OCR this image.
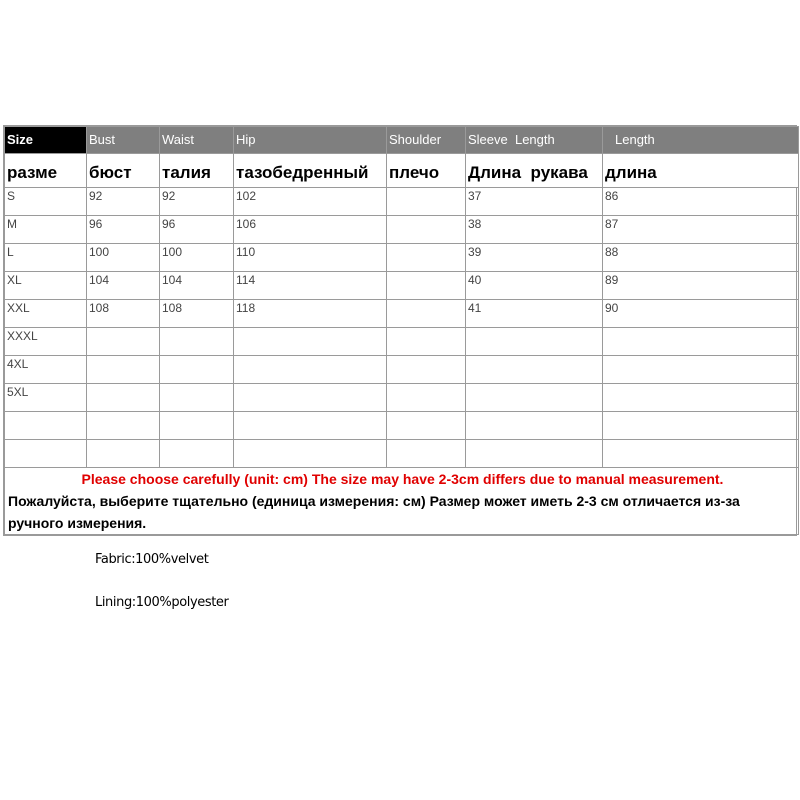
Size	Bust	Waist	Hip	Shoulder	Sleeve  Length	Length
разме	бюст	талия	тазобедренный	плечо	Длина  рукава	длина
S	92	92	102		37	86
M	96	96	106		38	87
L	100	100	110		39	88
XL	104	104	114		40	89
XXL	108	108	118		41	90
XXXL						
4XL						
5XL						

Please choose carefully (unit: cm) The size may have 2-3cm differs due to manual measurement.
Пожалуйста, выберите тщательно (единица измерения: см) Размер может иметь 2-3 см отличается из-за ручного измерения.						
Fabric:100%velvet
Lining:100%polyester
